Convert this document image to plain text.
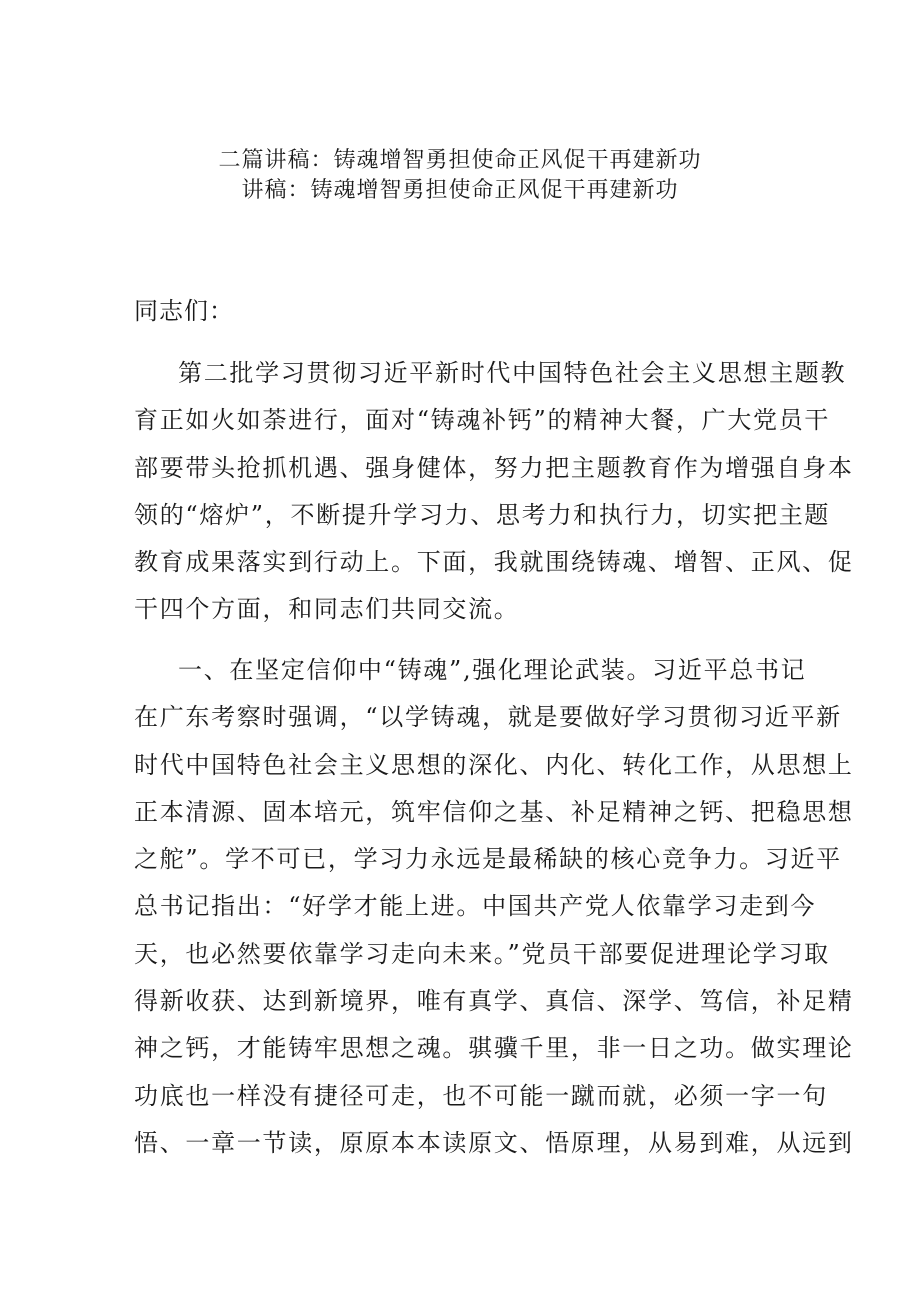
二篇讲稿：铸魂增智勇担使命正风促干再建新功
讲稿：铸魂增智勇担使命正风促干再建新功
同志们：
第二批学习贯彻习近平新时代中国特色社会主义思想主题教
育正如火如荼进行，面对“铸魂补钙”的精神大餐，广大党员干
部要带头抢抓机遇、强身健体，努力把主题教育作为增强自身本
领的“熔炉”，不断提升学习力、思考力和执行力，切实把主题
教育成果落实到行动上。下面，我就围绕铸魂、增智、正风、促
干四个方面，和同志们共同交流。
一、在坚定信仰中“铸魂”,强化理论武装。习近平总书记
在广东考察时强调，“以学铸魂，就是要做好学习贯彻习近平新
时代中国特色社会主义思想的深化、内化、转化工作，从思想上
正本清源、固本培元，筑牢信仰之基、补足精神之钙、把稳思想
之舵”。学不可已，学习力永远是最稀缺的核心竞争力。习近平
总书记指出：“好学才能上进。中国共产党人依靠学习走到今
天，也必然要依靠学习走向未来。”党员干部要促进理论学习取
得新收获、达到新境界，唯有真学、真信、深学、笃信，补足精
神之钙，才能铸牢思想之魂。骐骥千里，非一日之功。做实理论
功底也一样没有捷径可走，也不可能一蹴而就，必须一字一句
悟、一章一节读，原原本本读原文、悟原理，从易到难，从远到
